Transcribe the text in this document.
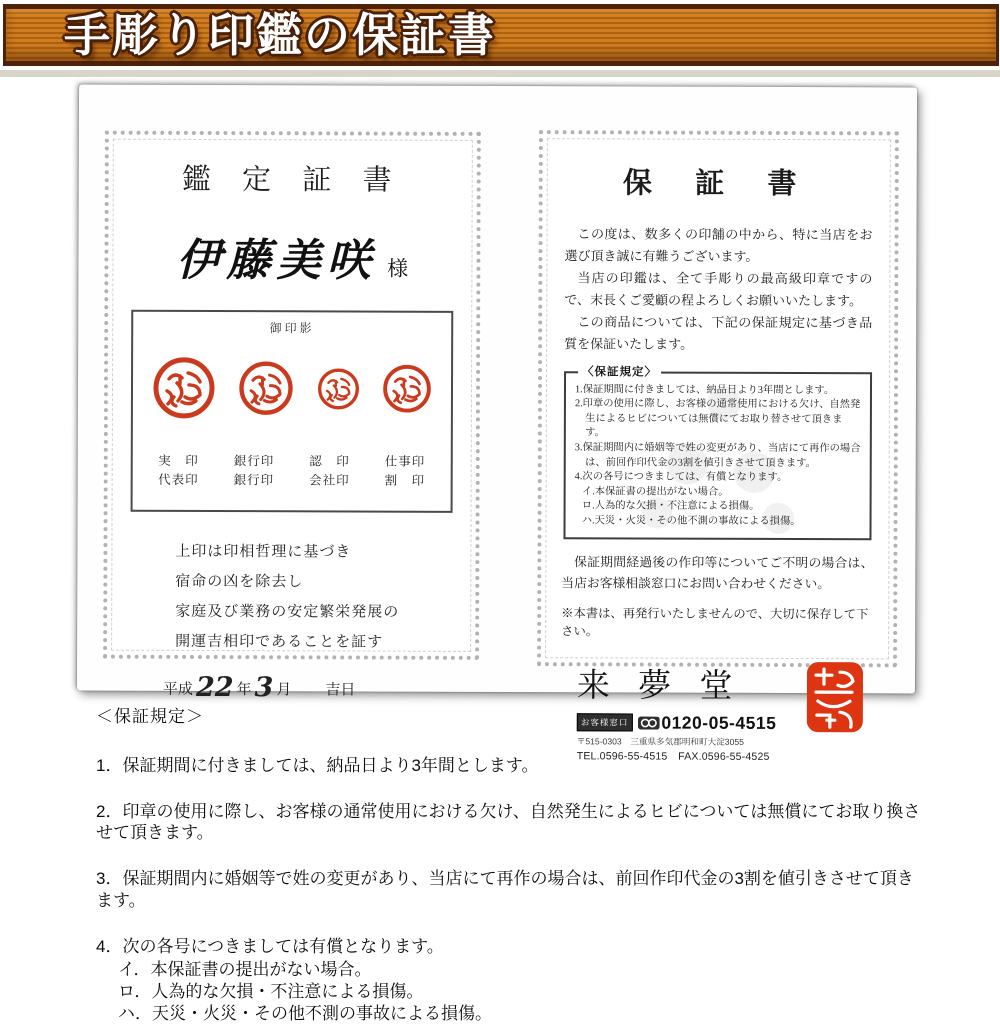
手彫り印鑑の保証書
鑑 定 証 書
伊藤美咲 様
御印影
実　印
代表印
銀行印
銀行印
認　印
会社印
仕事印
割　印
上印は印相哲理に基づき
宿命の凶を除去し
家庭及び業務の安定繁栄発展の
開運吉相印であることを証す
平成 22 年 3 月 吉日
保 証 書

この度は、数多くの印舗の中から、特に当店をお選び頂き誠に有難うございます。

当店の印鑑は、全て手彫りの最高級印章ですので、末長くご愛顧の程よろしくお願いいたします。

この商品については、下記の保証規定に基づき品質を保証いたします。

〈保証規定〉

1.保証期間に付きましては、納品日より3年間とします。

2.印章の使用に際し、お客様の通常使用における欠け、自然発生によるヒビについては無償にてお取り替させて頂きます。

3.保証期間内に婚姻等で姓の変更があり、当店にて再作の場合は、前回作印代金の3割を値引きさせて頂きます。

4.次の各号につきましては、有償となります。

イ.本保証書の提出がない場合。

ロ.人為的な欠損・不注意による損傷。

ハ.天災・火災・その他不測の事故による損傷。

保証期間経過後の作印等についてご不明の場合は、当店お客様相談窓口にお問い合わせください。
※本書は、再発行いたしませんので、大切に保存して下さい。
来 夢 堂
お客様窓口 0120-05-4515
〒515-0303　三重県多気郡明和町大淀3055
TEL.0596-55-4515　FAX.0596-55-4525

＜保証規定＞

1．保証期間に付きましては、納品日より3年間とします。

2．印章の使用に際し、お客様の通常使用における欠け、自然発生によるヒビについては無償にてお取り換させて頂きます。

3．保証期間内に婚姻等で姓の変更があり、当店にて再作の場合は、前回作印代金の3割を値引きさせて頂きます。

4．次の各号につきましては有償となります。

イ．本保証書の提出がない場合。

ロ．人為的な欠損・不注意による損傷。

ハ．天災・火災・その他不測の事故による損傷。
